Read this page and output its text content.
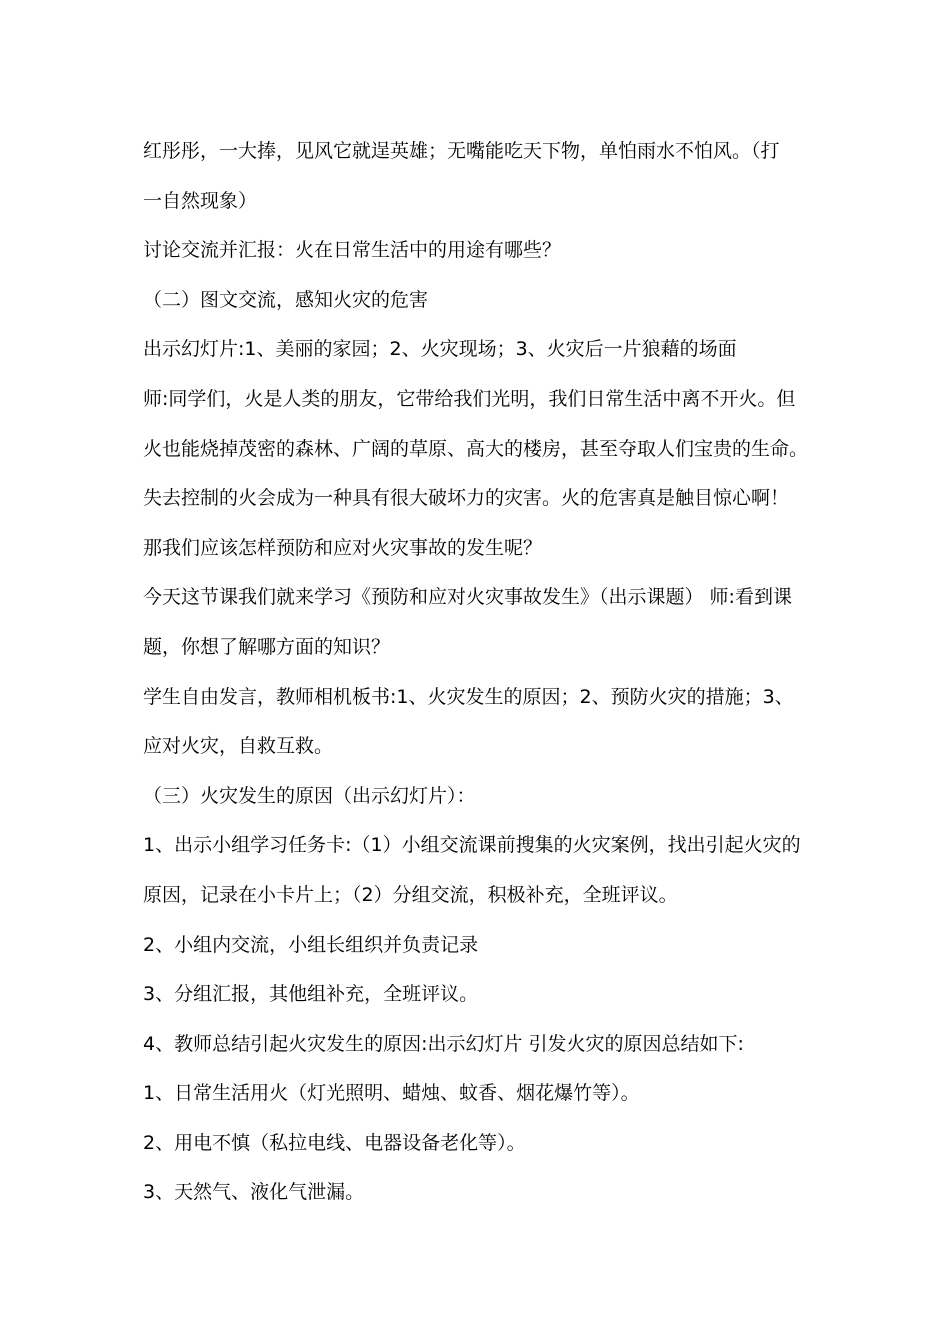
红彤彤，一大捧，见风它就逞英雄；无嘴能吃天下物，单怕雨水不怕风。（打
一自然现象）
讨论交流并汇报：火在日常生活中的用途有哪些？
（二）图文交流，感知火灾的危害
出示幻灯片:1、美丽的家园；2、火灾现场；3、火灾后一片狼藉的场面
师:同学们，火是人类的朋友，它带给我们光明，我们日常生活中离不开火。但
火也能烧掉茂密的森林、广阔的草原、高大的楼房，甚至夺取人们宝贵的生命。
失去控制的火会成为一种具有很大破坏力的灾害。火的危害真是触目惊心啊！
那我们应该怎样预防和应对火灾事故的发生呢？
今天这节课我们就来学习《预防和应对火灾事故发生》（出示课题） 师:看到课
题，你想了解哪方面的知识？
学生自由发言，教师相机板书:1、火灾发生的原因；2、预防火灾的措施；3、
应对火灾，自救互救。
（三）火灾发生的原因（出示幻灯片）：
1、出示小组学习任务卡:（1）小组交流课前搜集的火灾案例，找出引起火灾的
原因，记录在小卡片上；（2）分组交流，积极补充，全班评议。
2、小组内交流，小组长组织并负责记录
3、分组汇报，其他组补充，全班评议。
4、教师总结引起火灾发生的原因:出示幻灯片 引发火灾的原因总结如下:
1、日常生活用火（灯光照明、蜡烛、蚊香、烟花爆竹等）。
2、用电不慎（私拉电线、电器设备老化等）。
3、天然气、液化气泄漏。
